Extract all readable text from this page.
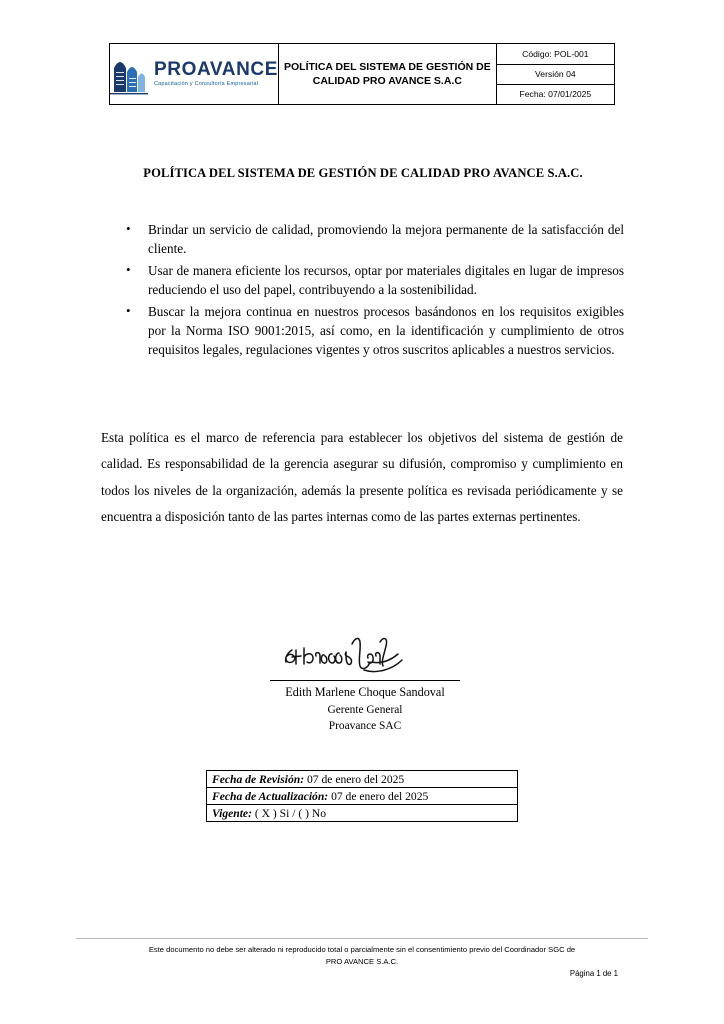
PROAVANCE
Capacitación y Consultoría Empresarial
	POLÍTICA DEL SISTEMA DE GESTIÓN DE CALIDAD PRO AVANCE S.A.C	
Código: POL-001
Versión 04
Fecha: 07/01/2025
POLÍTICA DEL SISTEMA DE GESTIÓN DE CALIDAD PRO AVANCE S.A.C.
• Brindar un servicio de calidad, promoviendo la mejora permanente de la satisfacción del cliente.
• Usar de manera eficiente los recursos, optar por materiales digitales en lugar de impresos reduciendo el uso del papel, contribuyendo a la sostenibilidad.
• Buscar la mejora continua en nuestros procesos basándonos en los requisitos exigibles por la Norma ISO 9001:2015, así como, en la identificación y cumplimiento de otros requisitos legales, regulaciones vigentes y otros suscritos aplicables a nuestros servicios.
Esta política es el marco de referencia para establecer los objetivos del sistema de gestión de calidad. Es responsabilidad de la gerencia asegurar su difusión, compromiso y cumplimiento en todos los niveles de la organización, además la presente política es revisada periódicamente y se encuentra a disposición tanto de las partes internas como de las partes externas pertinentes.
Edith Marlene Choque Sandoval
Gerente General
Proavance SAC
Fecha de Revisión: 07 de enero del 2025
Fecha de Actualización: 07 de enero del 2025
Vigente: ( X ) Si / ( ) No
Este documento no debe ser alterado ni reproducido total o parcialmente sin el consentimiento previo del Coordinador SGC de
PRO AVANCE S.A.C.
Página 1 de 1
